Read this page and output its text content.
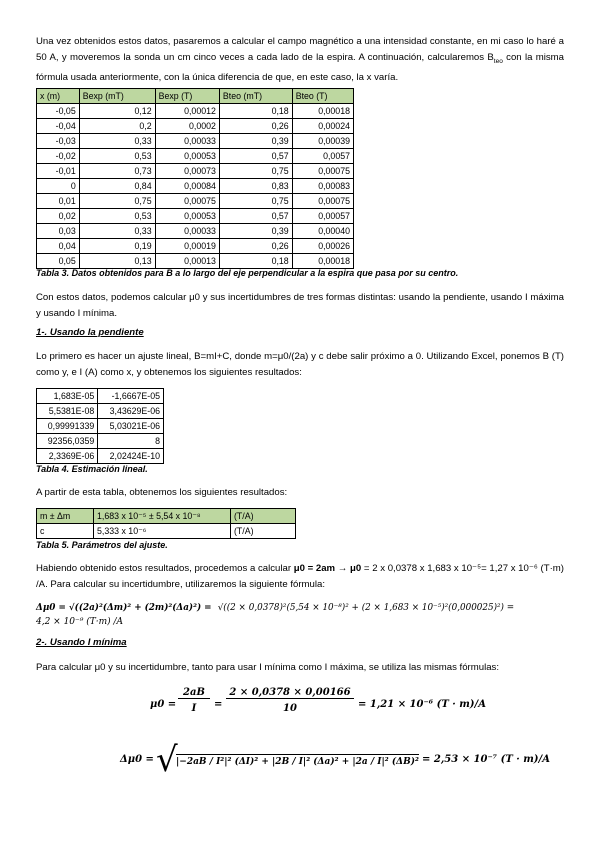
Una vez obtenidos estos datos, pasaremos a calcular el campo magnético a una intensidad constante, en mi caso lo haré a 50 A, y moveremos la sonda un cm cinco veces a cada lado de la espira. A continuación, calcularemos $B_{teo}$ con la misma fórmula usada anteriormente, con la única diferencia de que, en este caso, la x varía.
x (m)	Bexp (mT)	Bexp (T)	Bteo (mT)	Bteo (T)
-0,05	0,12	0,00012	0,18	0,00018
-0,04	0,2	0,0002	0,26	0,00024
-0,03	0,33	0,00033	0,39	0,00039
-0,02	0,53	0,00053	0,57	0,0057
-0,01	0,73	0,00073	0,75	0,00075
0	0,84	0,00084	0,83	0,00083
0,01	0,75	0,00075	0,75	0,00075
0,02	0,53	0,00053	0,57	0,00057
0,03	0,33	0,00033	0,39	0,00040
0,04	0,19	0,00019	0,26	0,00026
0,05	0,13	0,00013	0,18	0,00018
Tabla 3. Datos obtenidos para B a lo largo del eje perpendicular a la espira que pasa por su centro.
Con estos datos, podemos calcular μ0 y sus incertidumbres de tres formas distintas: usando la pendiente, usando I máxima y usando I mínima.
1-. Usando la pendiente
Lo primero es hacer un ajuste lineal, B=mI+C, donde m=μ0/(2a) y c debe salir próximo a 0. Utilizando Excel, ponemos B (T) como y, e I (A) como x, y obtenemos los siguientes resultados:
1,683E-05	-1,6667E-05
5,5381E-08	3,43629E-06
0,99991339	5,03021E-06
92356,0359	8
2,3369E-06	2,02424E-10
Tabla 4. Estimación lineal.
A partir de esta tabla, obtenemos los siguientes resultados:
m ± Δm	1,683 x 10⁻⁵ ± 5,54 x 10⁻⁸	(T/A)
c	5,333 x 10⁻⁶	(T/A)
Tabla 5. Parámetros del ajuste.
Habiendo obtenido estos resultados, procedemos a calcular μ0 = 2am → μ0 = 2 x 0,0378 x 1,683 x 10⁻⁵= 1,27 x 10⁻⁶ (T·m) /A. Para calcular su incertidumbre, utilizaremos la siguiente fórmula:
Δμ0 = √((2a)²(Δm)² + (2m)²(Δa)²) = √((2 × 0,0378)²(5,54 × 10⁻⁸)² + (2 × 1,683 × 10⁻⁵)²(0,000025)²) =
4,2 × 10⁻⁹ (T·m) /A
2-. Usando I mínima
Para calcular μ0 y su incertidumbre, tanto para usar I mínima como I máxima, se utiliza las mismas fórmulas:
μ0 =
2aB
I	=
2 × 0,0378 × 0,00166
10	= 1,21 × 10⁻⁶ (T · m)/A
Δμ0 = √
|−2aB / I²|² (ΔI)² + |2B / I|² (Δa)² + |2a / I|² (ΔB)² = 2,53 × 10⁻⁷ (T · m)/A
